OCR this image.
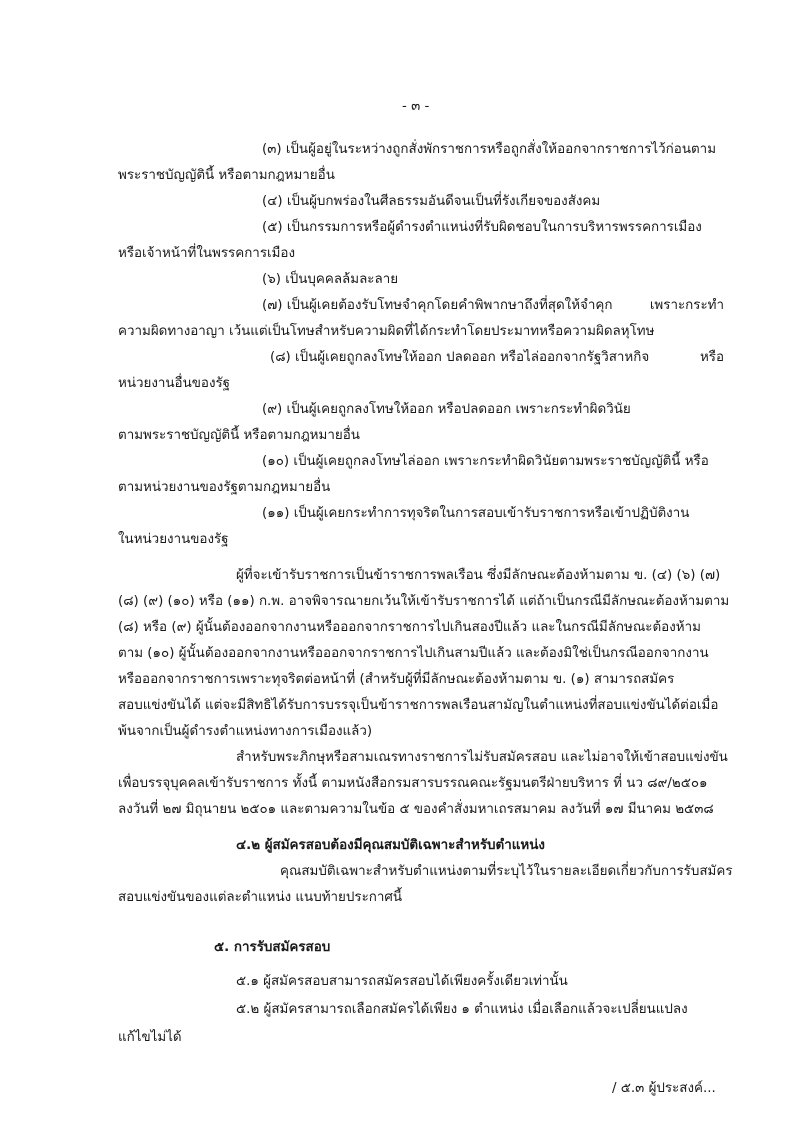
- ๓ -
(๓) เป็นผู้อยู่ในระหว่างถูกสั่งพักราชการหรือถูกสั่งให้ออกจากราชการไว้ก่อนตาม
พระราชบัญญัตินี้ หรือตามกฎหมายอื่น
(๔) เป็นผู้บกพร่องในศีลธรรมอันดีจนเป็นที่รังเกียจของสังคม
(๕) เป็นกรรมการหรือผู้ดำรงตำแหน่งที่รับผิดชอบในการบริหารพรรคการเมือง
หรือเจ้าหน้าที่ในพรรคการเมือง
(๖) เป็นบุคคลล้มละลาย
(๗) เป็นผู้เคยต้องรับโทษจำคุกโดยคำพิพากษาถึงที่สุดให้จำคุก	เพราะกระทำ
ความผิดทางอาญา เว้นแต่เป็นโทษสำหรับความผิดที่ได้กระทำโดยประมาทหรือความผิดลหุโทษ
(๘) เป็นผู้เคยถูกลงโทษให้ออก ปลดออก หรือไล่ออกจากรัฐวิสาหกิจ	หรือ
หน่วยงานอื่นของรัฐ
(๙) เป็นผู้เคยถูกลงโทษให้ออก หรือปลดออก เพราะกระทำผิดวินัย
ตามพระราชบัญญัตินี้ หรือตามกฎหมายอื่น
(๑๐) เป็นผู้เคยถูกลงโทษไล่ออก เพราะกระทำผิดวินัยตามพระราชบัญญัตินี้ หรือ
ตามหน่วยงานของรัฐตามกฎหมายอื่น
(๑๑) เป็นผู้เคยกระทำการทุจริตในการสอบเข้ารับราชการหรือเข้าปฏิบัติงาน
ในหน่วยงานของรัฐ
ผู้ที่จะเข้ารับราชการเป็นข้าราชการพลเรือน ซึ่งมีลักษณะต้องห้ามตาม ข. (๔) (๖) (๗)
(๘) (๙) (๑๐) หรือ (๑๑) ก.พ. อาจพิจารณายกเว้นให้เข้ารับราชการได้ แต่ถ้าเป็นกรณีมีลักษณะต้องห้ามตาม
(๘) หรือ (๙) ผู้นั้นต้องออกจากงานหรือออกจากราชการไปเกินสองปีแล้ว และในกรณีมีลักษณะต้องห้าม
ตาม (๑๐) ผู้นั้นต้องออกจากงานหรือออกจากราชการไปเกินสามปีแล้ว และต้องมิใช่เป็นกรณีออกจากงาน
หรือออกจากราชการเพราะทุจริตต่อหน้าที่ (สำหรับผู้ที่มีลักษณะต้องห้ามตาม ข. (๑) สามารถสมัคร
สอบแข่งขันได้ แต่จะมีสิทธิได้รับการบรรจุเป็นข้าราชการพลเรือนสามัญในตำแหน่งที่สอบแข่งขันได้ต่อเมื่อ
พ้นจากเป็นผู้ดำรงตำแหน่งทางการเมืองแล้ว)
สำหรับพระภิกษุหรือสามเณรทางราชการไม่รับสมัครสอบ และไม่อาจให้เข้าสอบแข่งขัน
เพื่อบรรจุบุคคลเข้ารับราชการ ทั้งนี้ ตามหนังสือกรมสารบรรณคณะรัฐมนตรีฝ่ายบริหาร ที่ นว ๘๙/๒๕๐๑
ลงวันที่ ๒๗ มิถุนายน ๒๕๐๑ และตามความในข้อ ๕ ของคำสั่งมหาเถรสมาคม ลงวันที่ ๑๗ มีนาคม ๒๕๓๘
๔.๒ ผู้สมัครสอบต้องมีคุณสมบัติเฉพาะสำหรับตำแหน่ง
คุณสมบัติเฉพาะสำหรับตำแหน่งตามที่ระบุไว้ในรายละเอียดเกี่ยวกับการรับสมัคร
สอบแข่งขันของแต่ละตำแหน่ง แนบท้ายประกาศนี้
๕. การรับสมัครสอบ
๕.๑ ผู้สมัครสอบสามารถสมัครสอบได้เพียงครั้งเดียวเท่านั้น
๕.๒ ผู้สมัครสามารถเลือกสมัครได้เพียง ๑ ตำแหน่ง เมื่อเลือกแล้วจะเปลี่ยนแปลง
แก้ไขไม่ได้
/ ๕.๓ ผู้ประสงค์...
